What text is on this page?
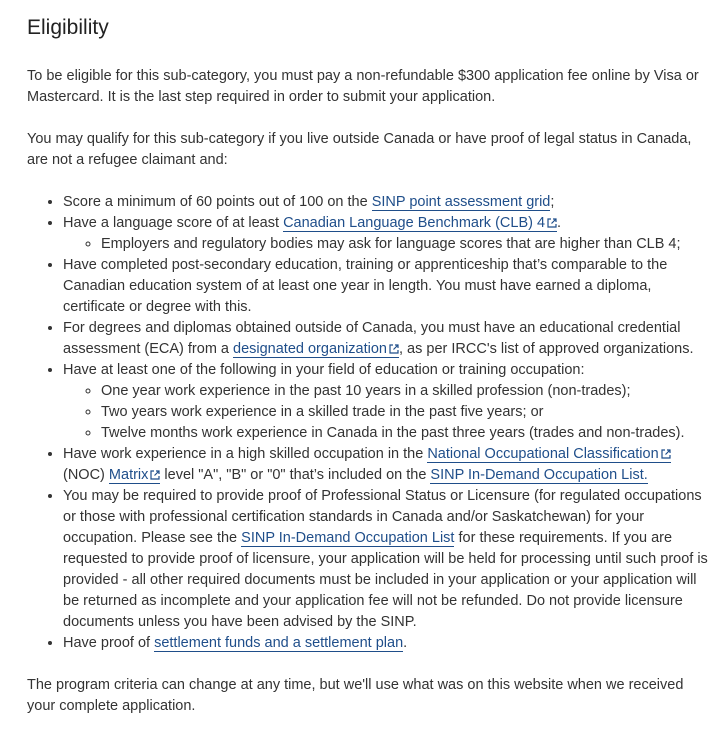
Eligibility

To be eligible for this sub-category, you must pay a non-refundable $300 application fee online by Visa or Mastercard. It is the last step required in order to submit your application.

You may qualify for this sub-category if you live outside Canada or have proof of legal status in Canada, are not a refugee claimant and:

• Score a minimum of 60 points out of 100 on the SINP point assessment grid;
• Have a language score of at least Canadian Language Benchmark (CLB) 4 .
◦ Employers and regulatory bodies may ask for language scores that are higher than CLB 4;
• Have completed post-secondary education, training or apprenticeship that’s comparable to the Canadian education system of at least one year in length. You must have earned a diploma, certificate or degree with this.
• For degrees and diplomas obtained outside of Canada, you must have an educational credential assessment (ECA) from a designated organization , as per IRCC's list of approved organizations.
• Have at least one of the following in your field of education or training occupation:
◦ One year work experience in the past 10 years in a skilled profession (non-trades);
◦ Two years work experience in a skilled trade in the past five years; or
◦ Twelve months work experience in Canada in the past three years (trades and non-trades).
• Have work experience in a high skilled occupation in the National Occupational Classification
(NOC) Matrix
level "A", "B" or "0" that’s included on the SINP In-Demand Occupation List.
• You may be required to provide proof of Professional Status or Licensure (for regulated occupations or those with professional certification standards in Canada and/or Saskatchewan) for your occupation. Please see the SINP In-Demand Occupation List for these requirements. If you are requested to provide proof of licensure, your application will be held for processing until such proof is provided - all other required documents must be included in your application or your application will be returned as incomplete and your application fee will not be refunded. Do not provide licensure documents unless you have been advised by the SINP.
• Have proof of settlement funds and a settlement plan.

The program criteria can change at any time, but we'll use what was on this website when we received your complete application.
